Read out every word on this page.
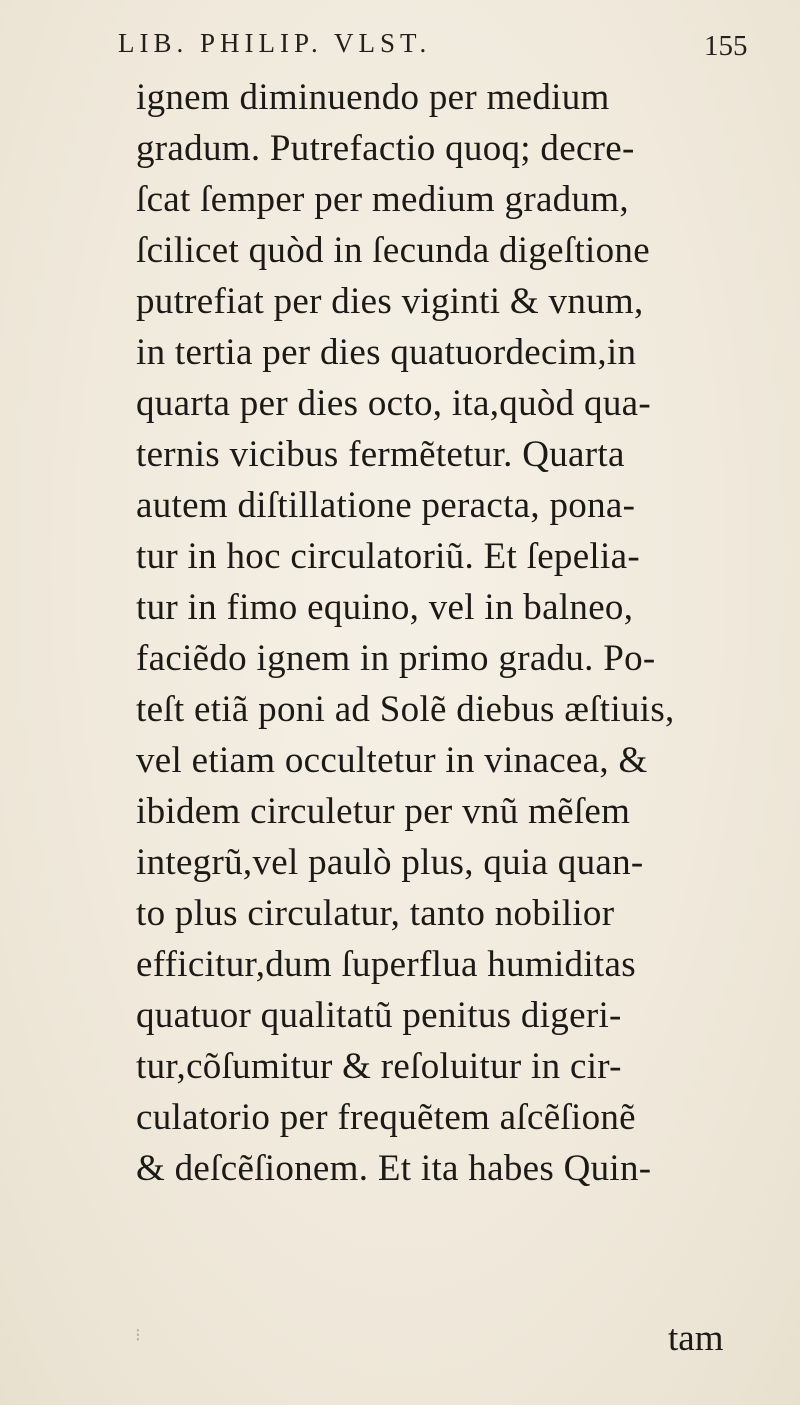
LIB. PHILIP. VLST.	155
ignem diminuendo per medium
gradum. Putrefactio quoq; decre-
ſcat ſemper per medium gradum,
ſcilicet quòd in ſecunda digeſtione
putrefiat per dies viginti & vnum,
in tertia per dies quatuordecim,in
quarta per dies octo, ita,quòd qua-
ternis vicibus fermẽtetur. Quarta
autem diſtillatione peracta, pona-
tur in hoc circulatoriũ. Et ſepelia-
tur in fimo equino, vel in balneo,
faciẽdo ignem in primo gradu. Po-
teſt etiã poni ad Solẽ diebus æſtiuis,
vel etiam occultetur in vinacea, &
ibidem circuletur per vnũ mẽſem
integrũ,vel paulò plus, quia quan-
to plus circulatur, tanto nobilior
efficitur,dum ſuperflua humiditas
quatuor qualitatũ penitus digeri-
tur,cõſumitur & reſoluitur in cir-
culatorio per frequẽtem aſcẽſionẽ
& deſcẽſionem. Et ita habes Quin-
⁝	tam
